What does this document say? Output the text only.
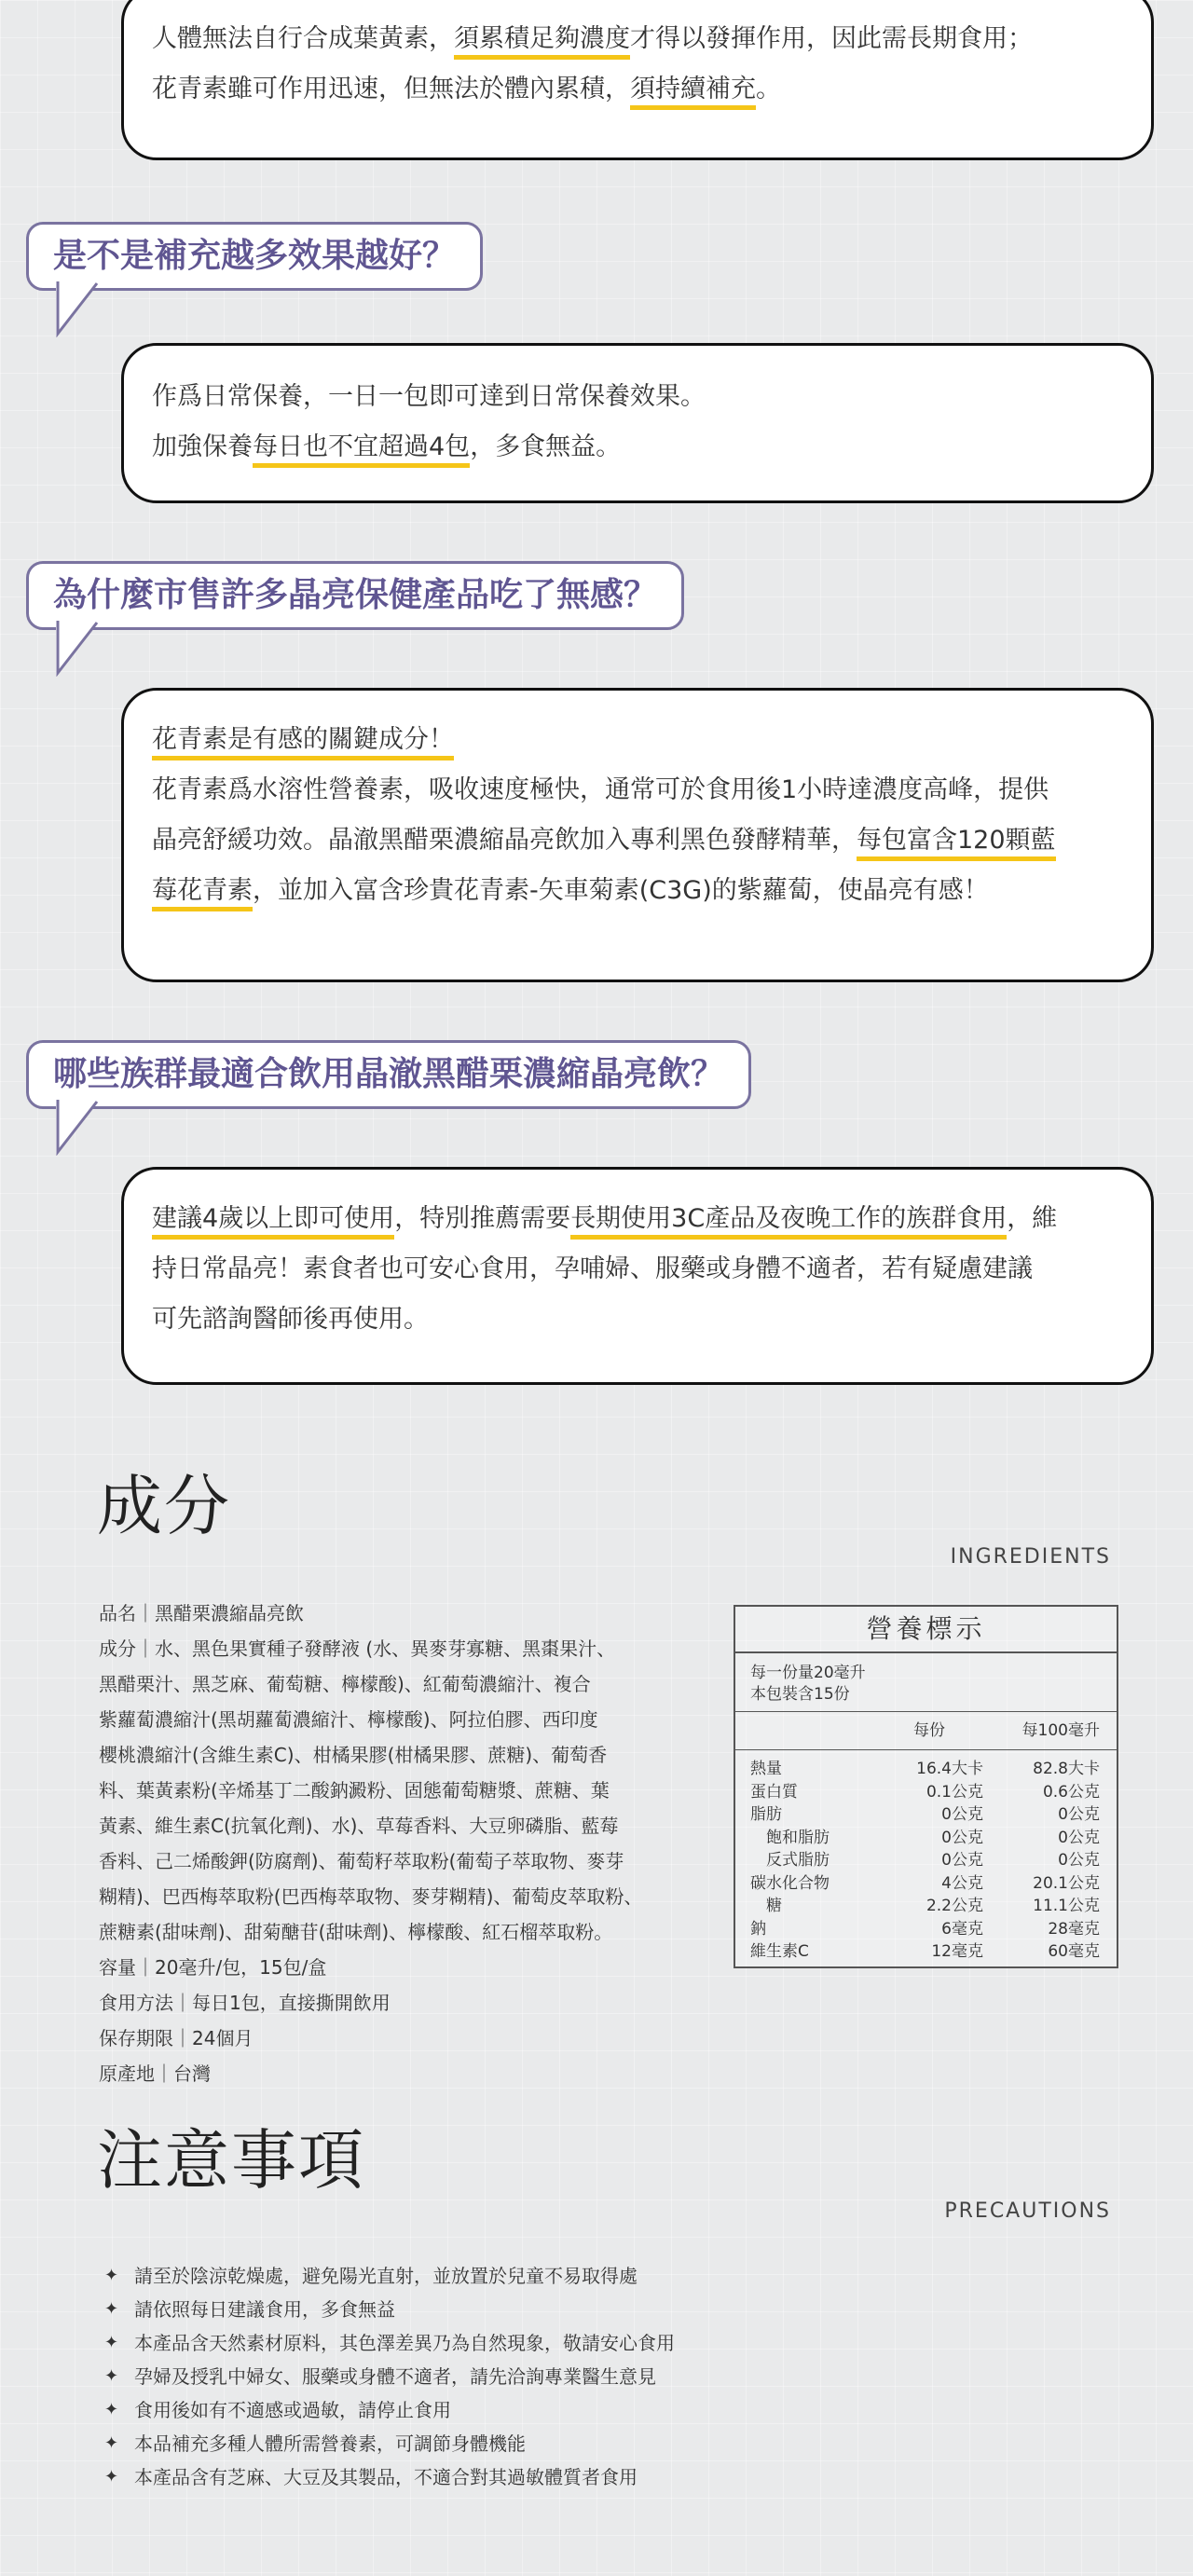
人體無法自行合成葉黃素，須累積足夠濃度才得以發揮作用，因此需長期食用；
花青素雖可作用迅速，但無法於體內累積，須持續補充。
是不是補充越多效果越好？
作爲日常保養，一日一包即可達到日常保養效果。
加強保養每日也不宜超過4包，多食無益。
為什麼市售許多晶亮保健產品吃了無感？
花青素是有感的關鍵成分！
花青素爲水溶性營養素，吸收速度極快，通常可於食用後1小時達濃度高峰，提供
晶亮舒緩功效。晶澈黑醋栗濃縮晶亮飲加入專利黑色發酵精華，每包富含120顆藍
莓花青素，並加入富含珍貴花青素-矢車菊素(C3G)的紫蘿蔔，使晶亮有感！
哪些族群最適合飲用晶澈黑醋栗濃縮晶亮飲？
建議4歲以上即可使用，特別推薦需要長期使用3C產品及夜晚工作的族群食用，維
持日常晶亮！素食者也可安心食用，孕哺婦、服藥或身體不適者，若有疑慮建議
可先諮詢醫師後再使用。
成分
INGREDIENTS
品名｜黑醋栗濃縮晶亮飲
成分｜水、黑色果實種子發酵液 (水、異麥芽寡糖、黑棗果汁、
黑醋栗汁、黑芝麻、葡萄糖、檸檬酸)、紅葡萄濃縮汁、複合
紫蘿蔔濃縮汁(黑胡蘿蔔濃縮汁、檸檬酸)、阿拉伯膠、西印度
櫻桃濃縮汁(含維生素C)、柑橘果膠(柑橘果膠、蔗糖)、葡萄香
料、葉黃素粉(辛烯基丁二酸鈉澱粉、固態葡萄糖漿、蔗糖、葉
黃素、維生素C(抗氧化劑)、水)、草莓香料、大豆卵磷脂、藍莓
香料、己二烯酸鉀(防腐劑)、葡萄籽萃取粉(葡萄子萃取物、麥芽
糊精)、巴西梅萃取粉(巴西梅萃取物、麥芽糊精)、葡萄皮萃取粉、
蔗糖素(甜味劑)、甜菊醣苷(甜味劑)、檸檬酸、紅石榴萃取粉。
容量｜20毫升/包，15包/盒
食用方法｜每日1包，直接撕開飲用
保存期限｜24個月
原產地｜台灣
營養標示
每一份量20毫升
本包裝含15份
每份	每100毫升
熱量	16.4大卡	82.8大卡
蛋白質	0.1公克	0.6公克
脂肪	0公克	0公克
　飽和脂肪	0公克	0公克
　反式脂肪	0公克	0公克
碳水化合物	4公克	20.1公克
　糖	2.2公克	11.1公克
鈉	6毫克	28毫克
維生素C	12毫克	60毫克
注意事項
PRECAUTIONS
✦ 請至於陰涼乾燥處，避免陽光直射，並放置於兒童不易取得處
✦ 請依照每日建議食用，多食無益
✦ 本產品含天然素材原料，其色澤差異乃為自然現象，敬請安心食用
✦ 孕婦及授乳中婦女、服藥或身體不適者，請先洽詢專業醫生意見
✦ 食用後如有不適感或過敏，請停止食用
✦ 本品補充多種人體所需營養素，可調節身體機能
✦ 本產品含有芝麻、大豆及其製品，不適合對其過敏體質者食用
